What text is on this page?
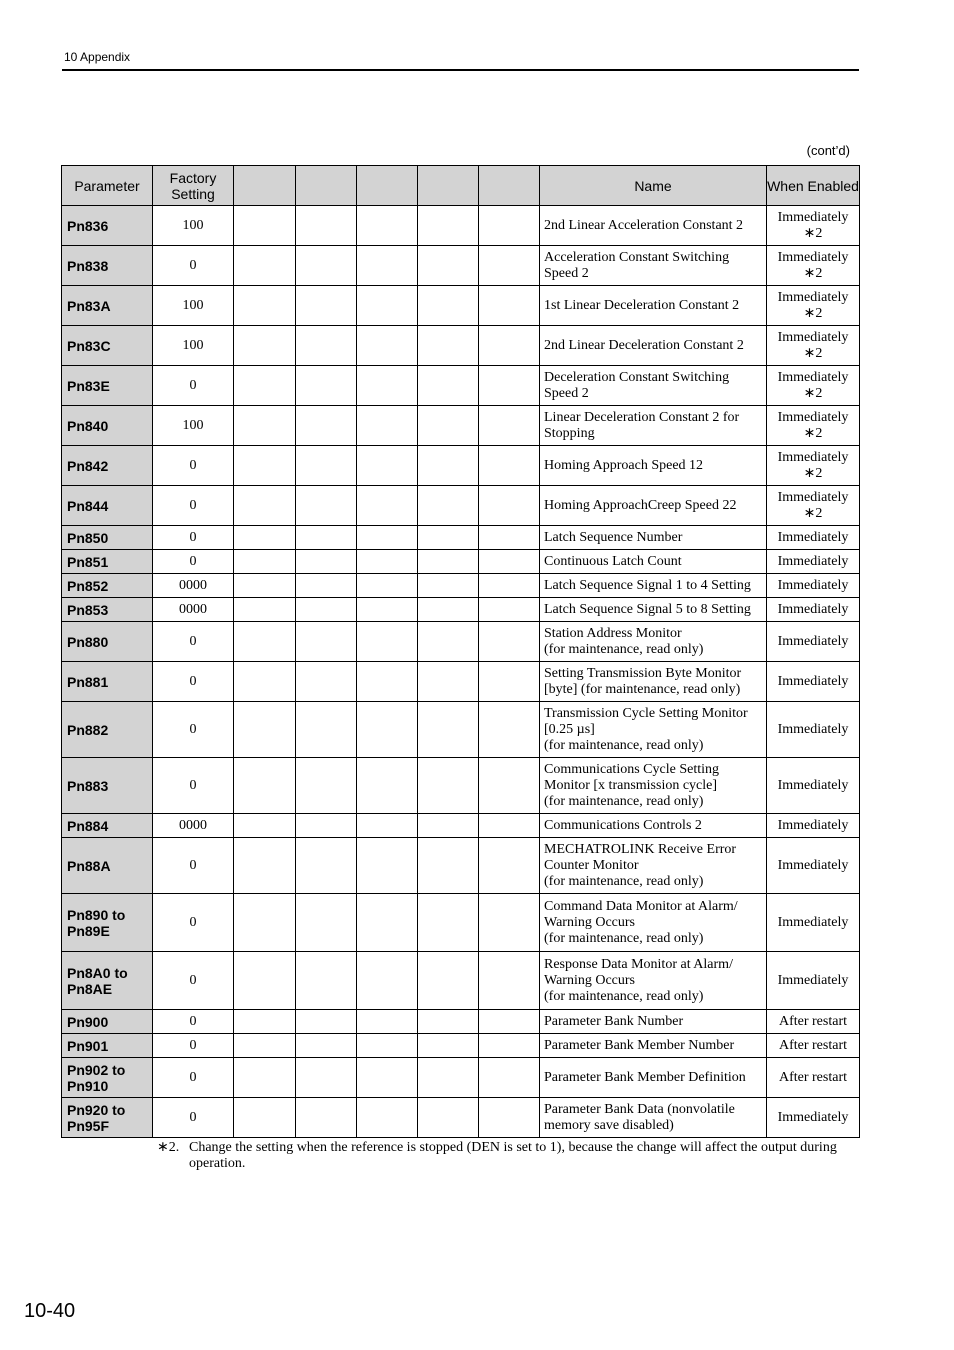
10 Appendix
(cont’d)
Parameter	Factory Setting						Name	When Enabled
Pn836	100						2nd Linear Acceleration Constant 2	Immediately
∗2
Pn838	0						Acceleration Constant Switching Speed 2	Immediately
∗2
Pn83A	100						1st Linear Deceleration Constant 2	Immediately
∗2
Pn83C	100						2nd Linear Deceleration Constant 2	Immediately
∗2
Pn83E	0						Deceleration Constant Switching Speed 2	Immediately
∗2
Pn840	100						Linear Deceleration Constant 2 for Stopping	Immediately
∗2
Pn842	0						Homing Approach Speed 12	Immediately
∗2
Pn844	0						Homing ApproachCreep Speed 22	Immediately
∗2
Pn850	0						Latch Sequence Number	Immediately
Pn851	0						Continuous Latch Count	Immediately
Pn852	0000						Latch Sequence Signal 1 to 4 Setting	Immediately
Pn853	0000						Latch Sequence Signal 5 to 8 Setting	Immediately
Pn880	0						Station Address Monitor
(for maintenance, read only)	Immediately
Pn881	0						Setting Transmission Byte Monitor [byte] (for maintenance, read only)	Immediately
Pn882	0						Transmission Cycle Setting Monitor [0.25 µs]
(for maintenance, read only)	Immediately
Pn883	0						Communications Cycle Setting Monitor [x transmission cycle]
(for maintenance, read only)	Immediately
Pn884	0000						Communications Controls 2	Immediately
Pn88A	0						MECHATROLINK Receive Error Counter Monitor
(for maintenance, read only)	Immediately
Pn890 to Pn89E	0						Command Data Monitor at Alarm/ Warning Occurs
(for maintenance, read only)	Immediately
Pn8A0 to Pn8AE	0						Response Data Monitor at Alarm/ Warning Occurs
(for maintenance, read only)	Immediately
Pn900	0						Parameter Bank Number	After restart
Pn901	0						Parameter Bank Member Number	After restart
Pn902 to Pn910	0						Parameter Bank Member Definition	After restart
Pn920 to Pn95F	0						Parameter Bank Data (nonvolatile memory save disabled)	Immediately
∗2. Change the setting when the reference is stopped (DEN is set to 1), because the change will affect the output during operation.
10-40
